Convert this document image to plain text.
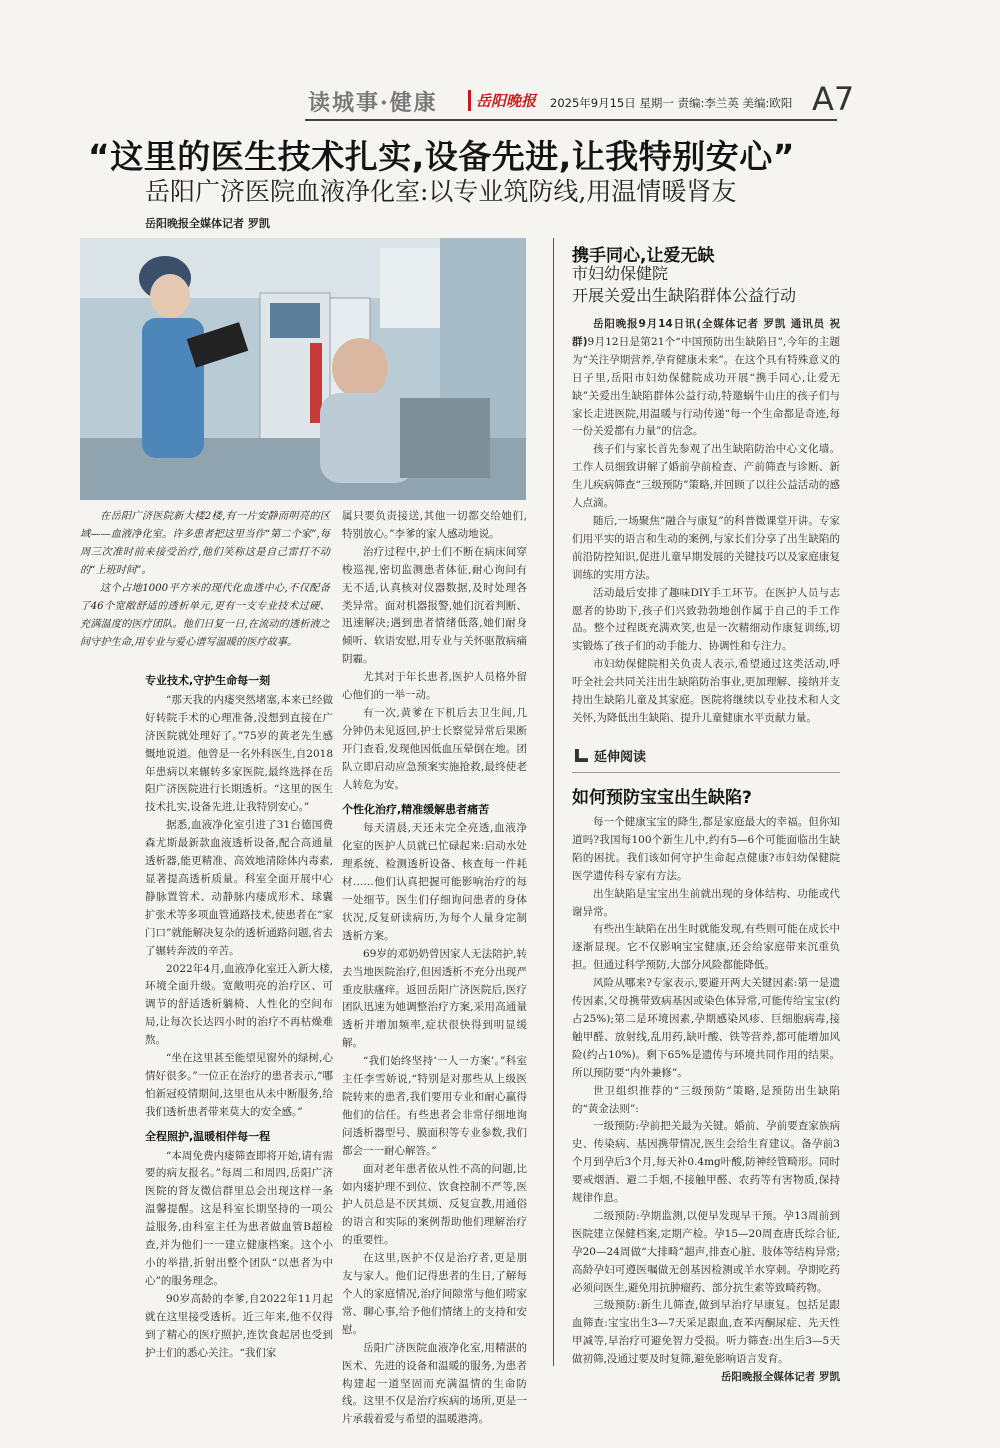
读城事·健康	岳阳晚报 2025年9月15日 星期一 责编:李兰英 美编:欧阳 A7
“这里的医生技术扎实,设备先进,让我特别安心”
岳阳广济医院血液净化室:以专业筑防线,用温情暖肾友
岳阳晚报全媒体记者 罗凯

在岳阳广济医院新大楼2楼,有一片安静而明亮的区域——血液净化室。许多患者把这里当作“第二个家”,每周三次准时前来接受治疗,他们笑称这是自己雷打不动的“上班时间”。

这个占地1000平方米的现代化血透中心,不仅配备了46个宽敞舒适的透析单元,更有一支专业技术过硬、充满温度的医疗团队。他们日复一日,在流动的透析液之间守护生命,用专业与爱心谱写温暖的医疗故事。

属只要负责接送,其他一切都交给她们,特别放心。”李爹的家人感动地说。

治疗过程中,护士们不断在病床间穿梭巡视,密切监测患者体征,耐心询问有无不适,认真核对仪器数据,及时处理各类异常。面对机器报警,她们沉着判断、迅速解决;遇到患者情绪低落,她们耐身倾听、软语安慰,用专业与关怀驱散病痛阴霾。

尤其对于年长患者,医护人员格外留心他们的一举一动。

有一次,黄爹在下机后去卫生间,几分钟仍未见返回,护士长察觉异常后果断开门查看,发现他因低血压晕倒在地。团队立即启动应急预案实施抢救,最终使老人转危为安。

个性化治疗,精准缓解患者痛苦

每天清晨,天还未完全亮透,血液净化室的医护人员就已忙碌起来:启动水处理系统、检测透析设备、核查每一件耗材……他们认真把握可能影响治疗的每一处细节。医生们仔细询问患者的身体状况,反复研读病历,为每个人量身定制透析方案。

69岁的邓奶奶曾因家人无法陪护,转去当地医院治疗,但因透析不充分出现严重皮肤瘙痒。返回岳阳广济医院后,医疗团队迅速为她调整治疗方案,采用高通量透析并增加频率,症状很快得到明显缓解。

“我们始终坚持‘一人一方案’。”科室主任李雪娇说,“特别是对那些从上级医院转来的患者,我们要用专业和耐心赢得他们的信任。有些患者会非常仔细地询问透析器型号、膜面积等专业参数,我们都会一一耐心解答。”

面对老年患者依从性不高的问题,比如内瘘护理不到位、饮食控制不严等,医护人员总是不厌其烦、反复宣教,用通俗的语言和实际的案例帮助他们理解治疗的重要性。

在这里,医护不仅是治疗者,更是朋友与家人。他们记得患者的生日,了解每个人的家庭情况,治疗间隙常与他们唠家常、聊心事,给予他们情绪上的支持和安慰。

岳阳广济医院血液净化室,用精湛的医术、先进的设备和温暖的服务,为患者构建起一道坚固而充满温情的生命防线。这里不仅是治疗疾病的场所,更是一片承载着爱与希望的温暖港湾。

专业技术,守护生命每一刻

“那天我的内瘘突然堵塞,本来已经做好转院手术的心理准备,没想到直接在广济医院就处理好了。”75岁的黄老先生感慨地说道。他曾是一名外科医生,自2018年患病以来辗转多家医院,最终选择在岳阳广济医院进行长期透析。“这里的医生技术扎实,设备先进,让我特别安心。”

据悉,血液净化室引进了31台德国费森尤斯最新款血液透析设备,配合高通量透析器,能更精准、高效地清除体内毒素,显著提高透析质量。科室全面开展中心静脉置管术、动静脉内瘘成形术、球囊扩张术等多项血管通路技术,使患者在“家门口”就能解决复杂的透析通路问题,省去了辗转奔波的辛苦。

2022年4月,血液净化室迁入新大楼,环境全面升级。宽敞明亮的治疗区、可调节的舒适透析躺椅、人性化的空间布局,让每次长达四小时的治疗不再枯燥难熬。

“坐在这里甚至能望见窗外的绿树,心情好很多。”一位正在治疗的患者表示,“哪怕新冠疫情期间,这里也从未中断服务,给我们透析患者带来莫大的安全感。”

全程照护,温暖相伴每一程

“本周免费内瘘筛查即将开始,请有需要的病友报名。”每周二和周四,岳阳广济医院的肾友微信群里总会出现这样一条温馨提醒。这是科室长期坚持的一项公益服务,由科室主任为患者做血管B超检查,并为他们一一建立健康档案。这个小小的举措,折射出整个团队“以患者为中心”的服务理念。

90岁高龄的李爹,自2022年11月起就在这里接受透析。近三年来,他不仅得到了精心的医疗照护,连饮食起居也受到护士们的悉心关注。“我们家

携手同心,让爱无缺
市妇幼保健院
开展关爱出生缺陷群体公益行动

岳阳晚报9月14日讯(全媒体记者 罗凯 通讯员 祝群)9月12日是第21个“中国预防出生缺陷日”,今年的主题为“关注孕期营养,孕育健康未来”。在这个具有特殊意义的日子里,岳阳市妇幼保健院成功开展“携手同心,让爱无缺”关爱出生缺陷群体公益行动,特邀蜗牛山庄的孩子们与家长走进医院,用温暖与行动传递“每一个生命都是奇迹,每一份关爱都有力量”的信念。

孩子们与家长首先参观了出生缺陷防治中心文化墙。工作人员细致讲解了婚前孕前检查、产前筛查与诊断、新生儿疾病筛查“三级预防”策略,并回顾了以往公益活动的感人点滴。

随后,一场聚焦“融合与康复”的科普微课堂开讲。专家们用平实的语言和生动的案例,与家长们分享了出生缺陷的前沿防控知识,促进儿童早期发展的关键技巧以及家庭康复训练的实用方法。

活动最后安排了趣味DIY手工环节。在医护人员与志愿者的协助下,孩子们兴致勃勃地创作属于自己的手工作品。整个过程既充满欢笑,也是一次精细动作康复训练,切实锻炼了孩子们的动手能力、协调性和专注力。

市妇幼保健院相关负责人表示,希望通过这类活动,呼吁全社会共同关注出生缺陷防治事业,更加理解、接纳并支持出生缺陷儿童及其家庭。医院将继续以专业技术和人文关怀,为降低出生缺陷、提升儿童健康水平贡献力量。

延伸阅读
如何预防宝宝出生缺陷?

每一个健康宝宝的降生,都是家庭最大的幸福。但你知道吗?我国每100个新生儿中,约有5—6个可能面临出生缺陷的困扰。我们该如何守护生命起点健康?市妇幼保健院医学遗传科专家有方法。

出生缺陷是宝宝出生前就出现的身体结构、功能或代谢异常。

有些出生缺陷在出生时就能发现,有些则可能在成长中逐渐显现。它不仅影响宝宝健康,还会给家庭带来沉重负担。但通过科学预防,大部分风险都能降低。

风险从哪来?专家表示,要避开两大关键因素:第一是遗传因素,父母携带致病基因或染色体异常,可能传给宝宝(约占25%);第二是环境因素,孕期感染风疹、巨细胞病毒,接触甲醛、放射线,乱用药,缺叶酸、铁等营养,都可能增加风险(约占10%)。剩下65%是遗传与环境共同作用的结果。所以预防要“内外兼修”。

世卫组织推荐的“三级预防”策略,是预防出生缺陷的“黄金法则”:

一级预防:孕前把关最为关键。婚前、孕前要查家族病史、传染病、基因携带情况,医生会给生育建议。备孕前3个月到孕后3个月,每天补0.4mg叶酸,防神经管畸形。同时要戒烟酒、避二手烟,不接触甲醛、农药等有害物质,保持规律作息。

二级预防:孕期监测,以便早发现早干预。孕13周前到医院建立保健档案,定期产检。孕15—20周查唐氏综合征,孕20—24周做“大排畸”超声,排查心脏、肢体等结构异常;高龄孕妇可遵医嘱做无创基因检测或羊水穿刺。孕期吃药必须问医生,避免用抗肿瘤药、部分抗生素等致畸药物。

三级预防:新生儿筛查,做到早治疗早康复。包括足跟血筛查:宝宝出生3—7天采足跟血,查苯丙酮尿症、先天性甲减等,早治疗可避免智力受损。听力筛查:出生后3—5天做初筛,没通过要及时复筛,避免影响语言发育。

岳阳晚报全媒体记者 罗凯
